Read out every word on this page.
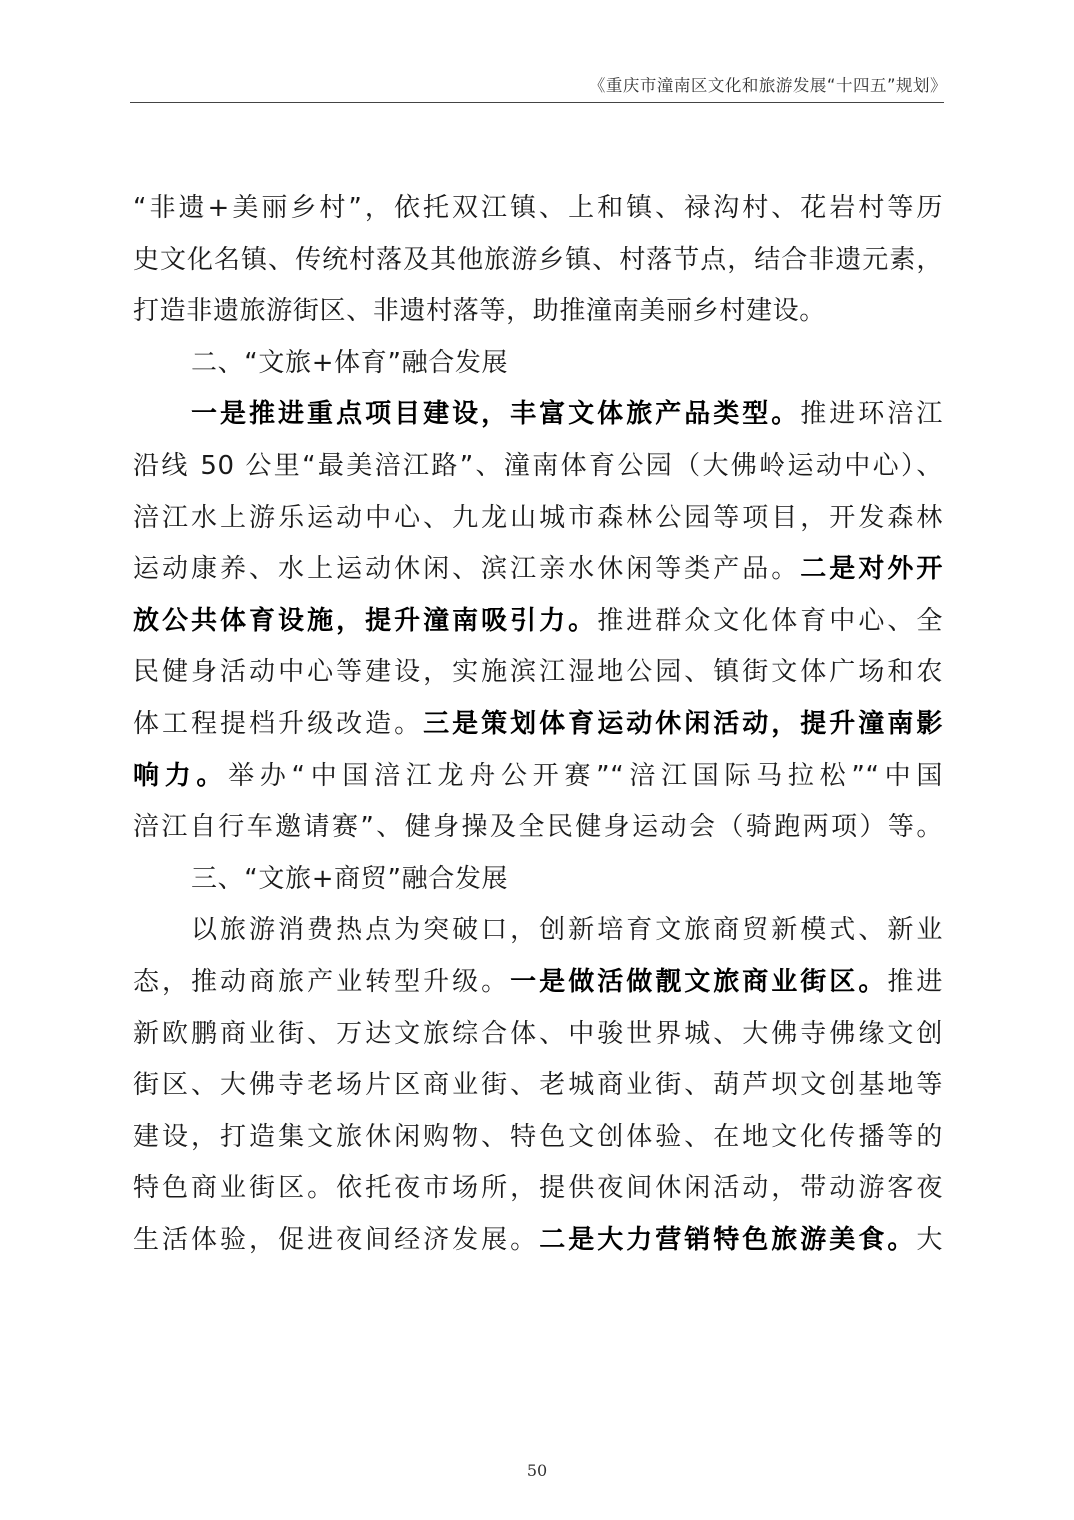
《重庆市潼南区文化和旅游发展“十四五”规划》
“非遗+美丽乡村”，依托双江镇、上和镇、禄沟村、花岩村等历
史文化名镇、传统村落及其他旅游乡镇、村落节点，结合非遗元素，
打造非遗旅游街区、非遗村落等，助推潼南美丽乡村建设。
二、“文旅+体育”融合发展
一是推进重点项目建设，丰富文体旅产品类型。推进环涪江
沿线 50 公里“最美涪江路”、潼南体育公园（大佛岭运动中心）、
涪江水上游乐运动中心、九龙山城市森林公园等项目，开发森林
运动康养、水上运动休闲、滨江亲水休闲等类产品。二是对外开
放公共体育设施，提升潼南吸引力。推进群众文化体育中心、全
民健身活动中心等建设，实施滨江湿地公园、镇街文体广场和农
体工程提档升级改造。三是策划体育运动休闲活动，提升潼南影
响力。举办“中国涪江龙舟公开赛”“涪江国际马拉松”“中国
涪江自行车邀请赛”、健身操及全民健身运动会（骑跑两项）等。
三、“文旅+商贸”融合发展
以旅游消费热点为突破口，创新培育文旅商贸新模式、新业
态，推动商旅产业转型升级。一是做活做靓文旅商业街区。推进
新欧鹏商业街、万达文旅综合体、中骏世界城、大佛寺佛缘文创
街区、大佛寺老场片区商业街、老城商业街、葫芦坝文创基地等
建设，打造集文旅休闲购物、特色文创体验、在地文化传播等的
特色商业街区。依托夜市场所，提供夜间休闲活动，带动游客夜
生活体验，促进夜间经济发展。二是大力营销特色旅游美食。大
50
